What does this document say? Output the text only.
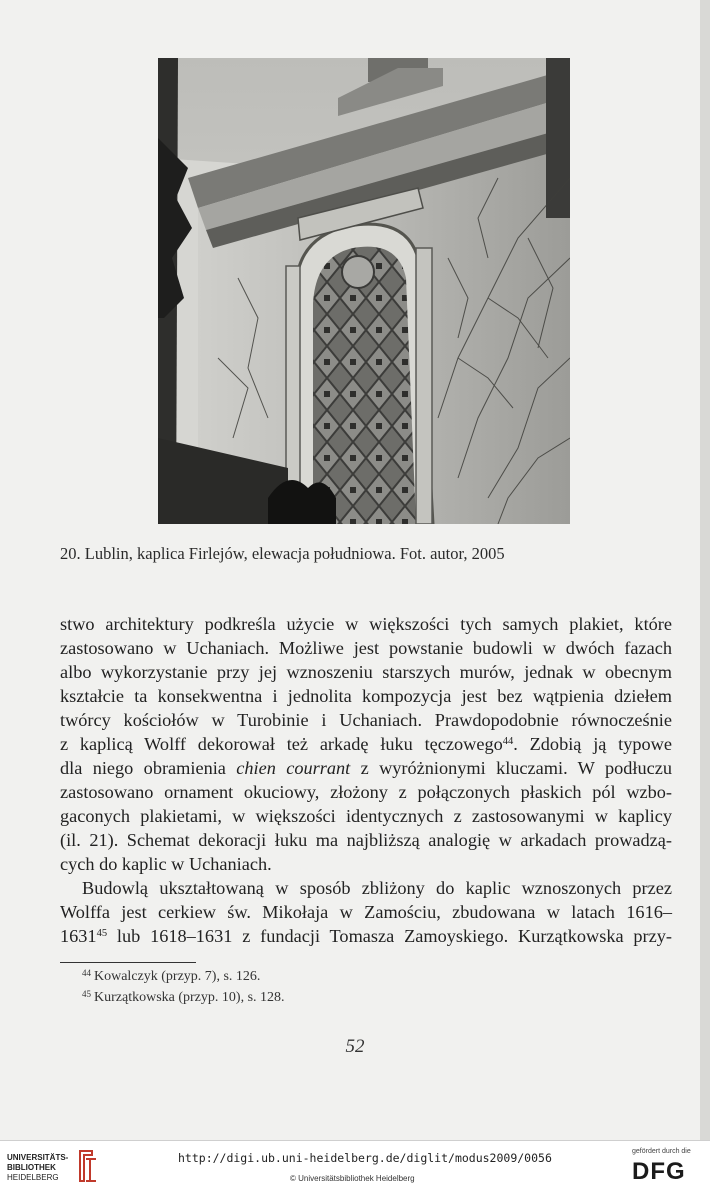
20. Lublin, kaplica Firlejów, elewacja południowa. Fot. autor, 2005
stwo architektury podkreśla użycie w większości tych samych plakiet, które
zastosowano w Uchaniach. Możliwe jest powstanie budowli w dwóch fazach
albo wykorzystanie przy jej wznoszeniu starszych murów, jednak w obecnym
kształcie ta konsekwentna i jednolita kompozycja jest bez wątpienia dziełem
twórcy kościołów w Turobinie i Uchaniach. Prawdopodobnie równocześnie
z kaplicą Wolff dekorował też arkadę łuku tęczowego$^{44}$. Zdobią ją typowe
dla niego obramienia chien courrant z wyróżnionymi kluczami. W podłuczu
zastosowano ornament okuciowy, złożony z połączonych płaskich pól wzbo-
gaconych plakietami, w większości identycznych z zastosowanymi w kaplicy
(il. 21). Schemat dekoracji łuku ma najbliższą analogię w arkadach prowadzą-
cych do kaplic w Uchaniach.
Budowlą ukształtowaną w sposób zbliżony do kaplic wznoszonych przez
Wolffa jest cerkiew św. Mikołaja w Zamościu, zbudowana w latach 1616–
1631$^{45}$ lub 1618–1631 z fundacji Tomasza Zamoyskiego. Kurzątkowska przy-
$^{44}$ Kowalczyk (przyp. 7), s. 126.
$^{45}$ Kurzątkowska (przyp. 10), s. 128.
52
UNIVERSITÄTS-
BIBLIOTHEK
HEIDELBERG
http://digi.ub.uni-heidelberg.de/diglit/modus2009/0056
© Universitätsbibliothek Heidelberg
gefördert durch die
DFG
